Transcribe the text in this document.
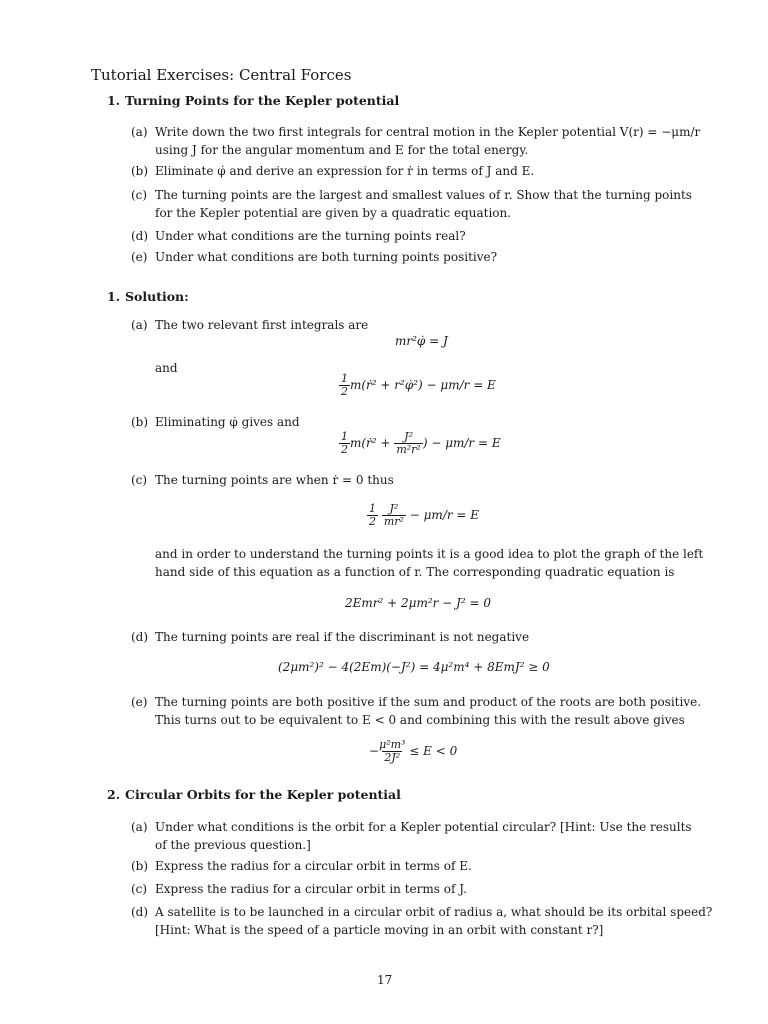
Tutorial Exercises: Central Forces
1. Turning Points for the Kepler potential
(a) Write down the two first integrals for central motion in the Kepler potential V(r) = −μm/r
using J for the angular momentum and E for the total energy.
(b) Eliminate φ̇ and derive an expression for ṙ in terms of J and E.
(c) The turning points are the largest and smallest values of r. Show that the turning points
for the Kepler potential are given by a quadratic equation.
(d) Under what conditions are the turning points real?
(e) Under what conditions are both turning points positive?
1. Solution:
(a) The two relevant first integrals are
mr²φ̇ = J
and
$\frac{1}{2}$ m(ṙ² + r²φ̇²) − μm/r = E
(b) Eliminating φ̇ gives and
$\frac{1}{2}$ m(ṙ² + $\frac{\text{J²}}{\text{m²r²}}$ ) − μm/r = E
(c) The turning points are when ṙ = 0 thus
$\frac{1}{2}$
$\frac{\text{J²}}{\text{mr²}} - \mu m/r = E$
and in order to understand the turning points it is a good idea to plot the graph of the left
hand side of this equation as a function of r. The corresponding quadratic equation is
2Emr² + 2μm²r − J² = 0
(d) The turning points are real if the discriminant is not negative
(2μm²)² − 4(2Em)(−J²) = 4μ²m⁴ + 8EmJ² ≥ 0
(e) The turning points are both positive if the sum and product of the roots are both positive.
This turns out to be equivalent to E < 0 and combining this with the result above gives
− $\frac{\text{μ²m³}}{\text{2J²}} \le E < 0$
2. Circular Orbits for the Kepler potential
(a) Under what conditions is the orbit for a Kepler potential circular? [Hint: Use the results
of the previous question.]
(b) Express the radius for a circular orbit in terms of E.
(c) Express the radius for a circular orbit in terms of J.
(d) A satellite is to be launched in a circular orbit of radius a, what should be its orbital speed?
[Hint: What is the speed of a particle moving in an orbit with constant r?]
17
